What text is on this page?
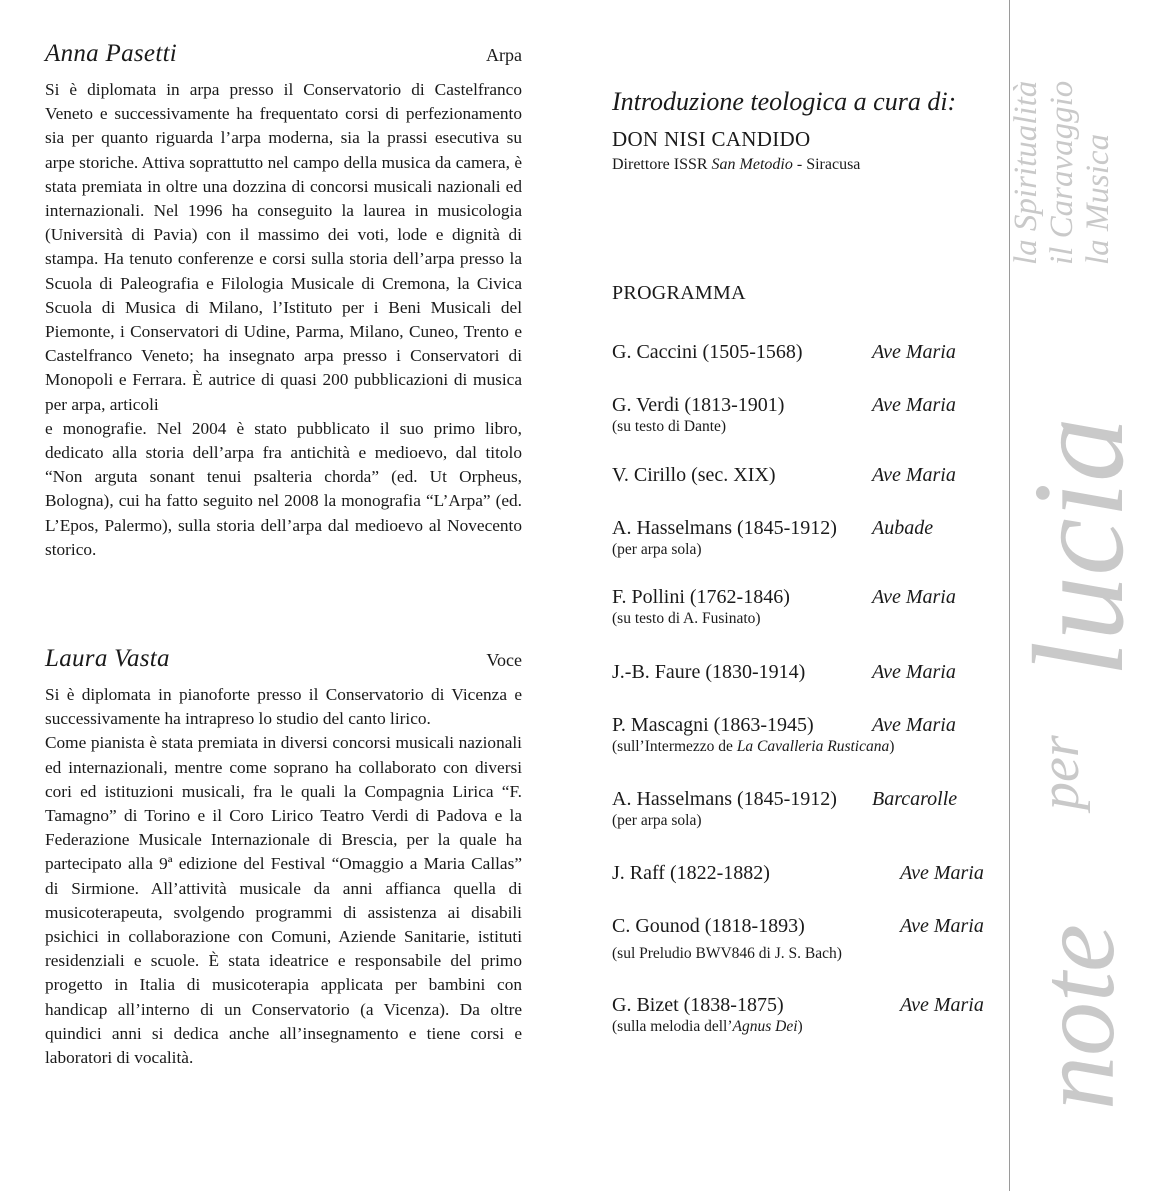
Anna Pasetti	Arpa

Si è diplomata in arpa presso il Conservatorio di Castelfranco Veneto e successivamente ha frequentato corsi di perfezionamento sia per quanto riguarda l’arpa moderna, sia la prassi esecutiva su arpe storiche. Attiva soprattutto nel campo della musica da camera, è stata premiata in oltre una dozzina di concorsi musicali nazionali ed internazionali. Nel 1996 ha conseguito la laurea in musicologia (Università di Pavia) con il massimo dei voti, lode e dignità di stampa. Ha tenuto conferenze e corsi sulla storia dell’arpa presso la Scuola di Paleografia e Filologia Musicale di Cremona, la Civica Scuola di Musica di Milano, l’Istituto per i Beni Musicali del Piemonte, i Conservatori di Udine, Parma, Milano, Cuneo, Trento e Castelfranco Veneto; ha insegnato arpa presso i Conservatori di Monopoli e Ferrara. È autrice di quasi 200 pubblicazioni di musica per arpa, articoli

e monografie. Nel 2004 è stato pubblicato il suo primo libro, dedicato alla storia dell’arpa fra antichità e medioevo, dal titolo “Non arguta sonant tenui psalteria chorda” (ed. Ut Orpheus, Bologna), cui ha fatto seguito nel 2008 la monografia “L’Arpa” (ed. L’Epos, Palermo), sulla storia dell’arpa dal medioevo al Novecento storico.

Laura Vasta	Voce

Si è diplomata in pianoforte presso il Conservatorio di Vicenza e successivamente ha intrapreso lo studio del canto lirico.

Come pianista è stata premiata in diversi concorsi musicali nazionali ed internazionali, mentre come soprano ha collaborato con diversi cori ed istituzioni musicali, fra le quali la Compagnia Lirica “F. Tamagno” di Torino e il Coro Lirico Teatro Verdi di Padova e la Federazione Musicale Internazionale di Brescia, per la quale ha partecipato alla 9ª edizione del Festival “Omaggio a Maria Callas” di Sirmione. All’attività musicale da anni affianca quella di musicoterapeuta, svolgendo programmi di assistenza ai disabili psichici in collaborazione con Comuni, Aziende Sanitarie, istituti residenziali e scuole. È stata ideatrice e responsabile del primo progetto in Italia di musicoterapia applicata per bambini con handicap all’interno di un Conservatorio (a Vicenza). Da oltre quindici anni si dedica anche all’insegnamento e tiene corsi e laboratori di vocalità.

Introduzione teologica a cura di:
DON NISI CANDIDO
Direttore ISSR San Metodio - Siracusa
PROGRAMMA
G. Caccini (1505-1568)	Ave Maria
G. Verdi (1813-1901)	Ave Maria
(su testo di Dante)
V. Cirillo (sec. XIX)	Ave Maria
A. Hasselmans (1845-1912) Aubade
(per arpa sola)
F. Pollini (1762-1846)	Ave Maria
(su testo di A. Fusinato)
J.-B. Faure (1830-1914)	Ave Maria
P. Mascagni (1863-1945)	Ave Maria
(sull’Intermezzo de La Cavalleria Rusticana)
A. Hasselmans (1845-1912) Barcarolle
(per arpa sola)
J. Raff (1822-1882)	Ave Maria
C. Gounod (1818-1893)	Ave Maria
(sul Preludio BWV846 di J. S. Bach)
G. Bizet (1838-1875)	Ave Maria
(sulla melodia dell’Agnus Dei)	note
per
lucia
la Spiritualità il Caravaggio la Musica
